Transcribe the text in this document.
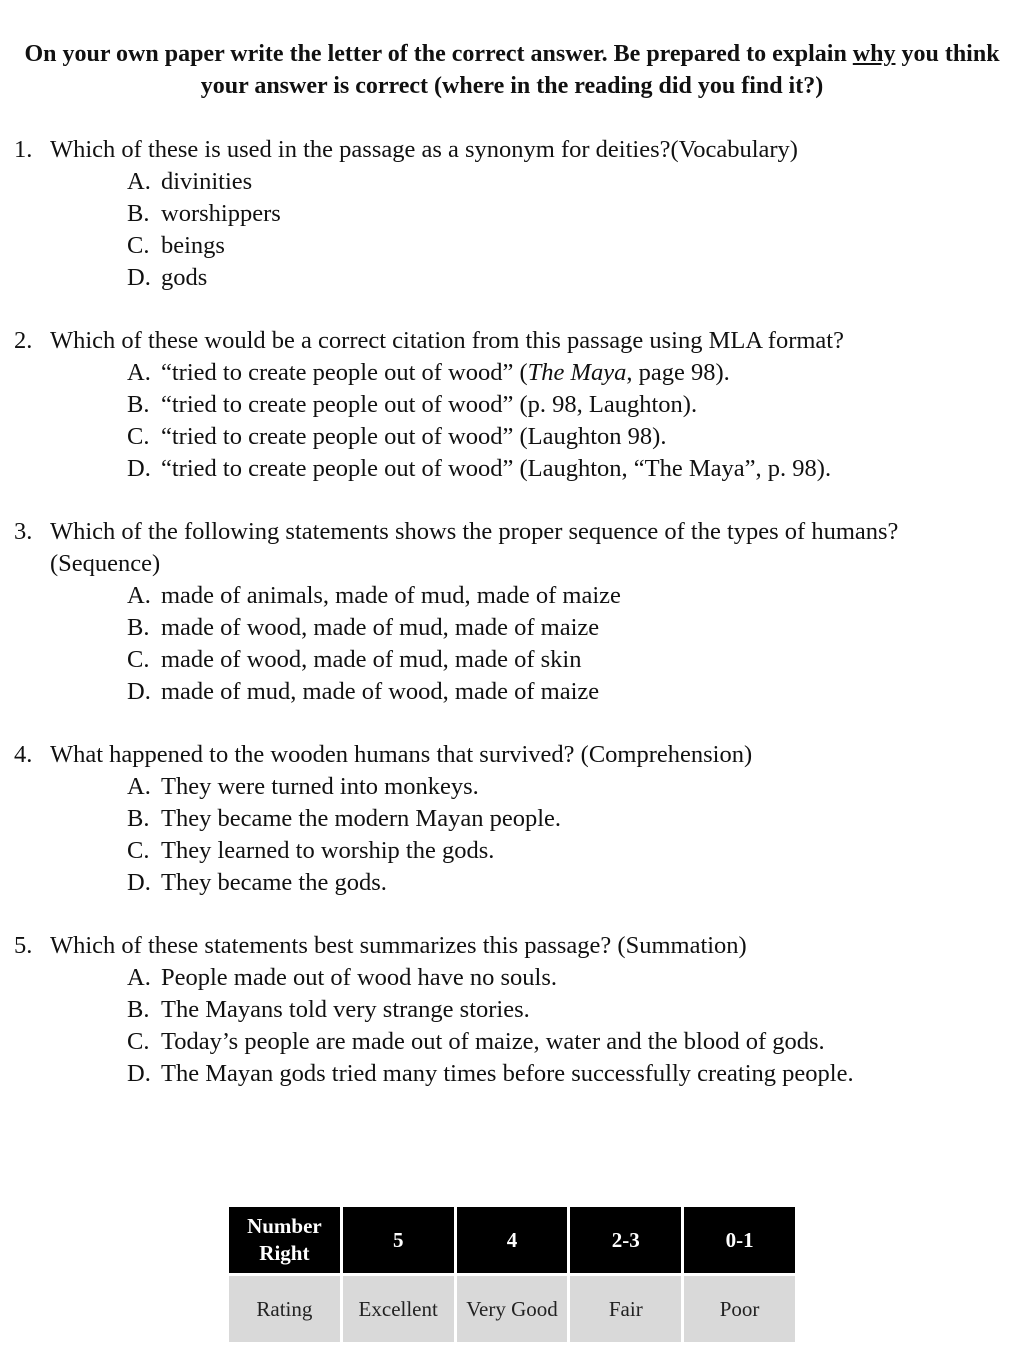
On your own paper write the letter of the correct answer. Be prepared to explain why you think your answer is correct (where in the reading did you find it?)
1. Which of these is used in the passage as a synonym for deities?(Vocabulary)
A. divinities
B. worshippers
C. beings
D. gods
2. Which of these would be a correct citation from this passage using MLA format?
A. “tried to create people out of wood” (The Maya, page 98).
B. “tried to create people out of wood” (p. 98, Laughton).
C. “tried to create people out of wood” (Laughton 98).
D. “tried to create people out of wood” (Laughton, “The Maya”, p. 98).
3. Which of the following statements shows the proper sequence of the types of humans? (Sequence)
A. made of animals, made of mud, made of maize
B. made of wood, made of mud, made of maize
C. made of wood, made of mud, made of skin
D. made of mud, made of wood, made of maize
4. What happened to the wooden humans that survived? (Comprehension)
A. They were turned into monkeys.
B. They became the modern Mayan people.
C. They learned to worship the gods.
D. They became the gods.
5. Which of these statements best summarizes this passage? (Summation)
A. People made out of wood have no souls.
B. The Mayans told very strange stories.
C. Today’s people are made out of maize, water and the blood of gods.
D. The Mayan gods tried many times before successfully creating people.
Number Right	5	4	2-3	0-1
Rating	Excellent	Very Good	Fair	Poor
